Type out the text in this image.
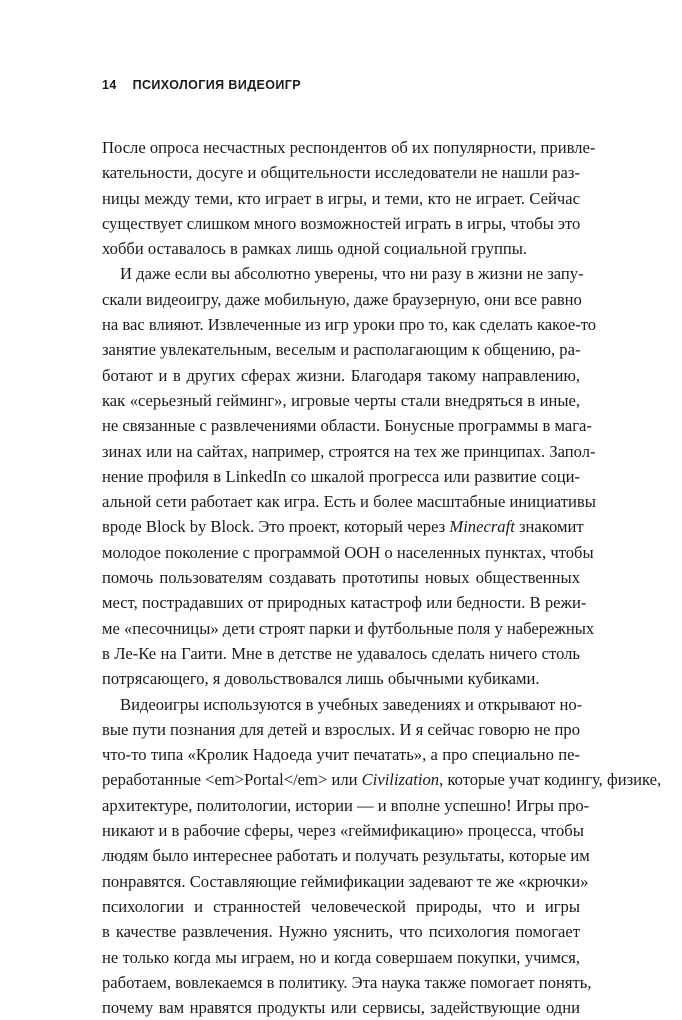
14 ПСИХОЛОГИЯ ВИДЕОИГР
После опроса несчастных респондентов об их популярности, привле-
кательности, досуге и общительности исследователи не нашли раз-
ницы между теми, кто играет в игры, и теми, кто не играет. Сейчас
существует слишком много возможностей играть в игры, чтобы это
хобби оставалось в рамках лишь одной социальной группы.
И даже если вы абсолютно уверены, что ни разу в жизни не запу-
скали видеоигру, даже мобильную, даже браузерную, они все равно
на вас влияют. Извлеченные из игр уроки про то, как сделать какое-то
занятие увлекательным, веселым и располагающим к общению, ра-
ботают и в других сферах жизни. Благодаря такому направлению,
как «серьезный гейминг», игровые черты стали внедряться в иные,
не связанные с развлечениями области. Бонусные программы в мага-
зинах или на сайтах, например, строятся на тех же принципах. Запол-
нение профиля в LinkedIn со шкалой прогресса или развитие соци-
альной сети работает как игра. Есть и более масштабные инициативы
вроде Block by Block. Это проект, который через Minecraft знакомит
молодое поколение с программой ООН о населенных пунктах, чтобы
помочь пользователям создавать прототипы новых общественных
мест, пострадавших от природных катастроф или бедности. В режи-
ме «песочницы» дети строят парки и футбольные поля у набережных
в Ле-Ке на Гаити. Мне в детстве не удавалось сделать ничего столь
потрясающего, я довольствовался лишь обычными кубиками.
Видеоигры используются в учебных заведениях и открывают но-
вые пути познания для детей и взрослых. И я сейчас говорю не про
что-то типа «Кролик Надоеда учит печатать», а про специально пе-
реработанные <em>Portal</em> или Civilization, которые учат кодингу, физике,
архитектуре, политологии, истории — и вполне успешно! Игры про-
никают и в рабочие сферы, через «геймификацию» процесса, чтобы
людям было интереснее работать и получать результаты, которые им
понравятся. Составляющие геймификации задевают те же «крючки»
психологии и странностей человеческой природы, что и игры
в качестве развлечения. Нужно уяснить, что психология помогает
не только когда мы играем, но и когда совершаем покупки, учимся,
работаем, вовлекаемся в политику. Эта наука также помогает понять,
почему вам нравятся продукты или сервисы, задействующие одни
